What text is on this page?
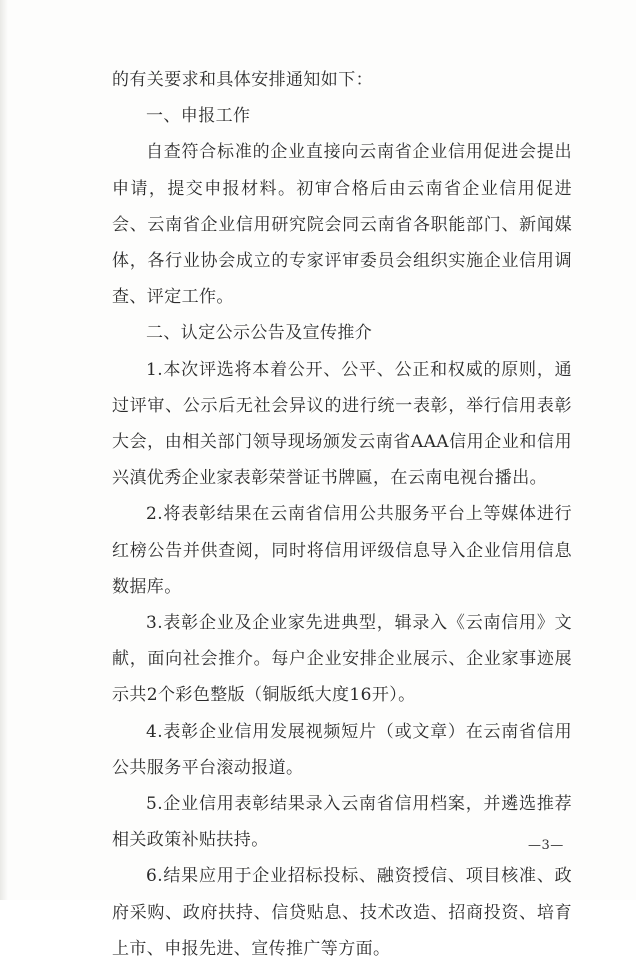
的有关要求和具体安排通知如下：

一、申报工作

自查符合标准的企业直接向云南省企业信用促进会提出申请，提交申报材料。初审合格后由云南省企业信用促进会、云南省企业信用研究院会同云南省各职能部门、新闻媒体，各行业协会成立的专家评审委员会组织实施企业信用调查、评定工作。

二、认定公示公告及宣传推介

1.本次评选将本着公开、公平、公正和权威的原则，通过评审、公示后无社会异议的进行统一表彰，举行信用表彰大会，由相关部门领导现场颁发云南省AAA信用企业和信用兴滇优秀企业家表彰荣誉证书牌匾，在云南电视台播出。

2.将表彰结果在云南省信用公共服务平台上等媒体进行红榜公告并供查阅，同时将信用评级信息导入企业信用信息数据库。

3.表彰企业及企业家先进典型，辑录入《云南信用》文献，面向社会推介。每户企业安排企业展示、企业家事迹展示共2个彩色整版（铜版纸大度16开）。

4.表彰企业信用发展视频短片（或文章）在云南省信用公共服务平台滚动报道。

5.企业信用表彰结果录入云南省信用档案，并遴选推荐相关政策补贴扶持。

6.结果应用于企业招标投标、融资授信、项目核准、政府采购、政府扶持、信贷贴息、技术改造、招商投资、培育上市、申报先进、宣传推广等方面。

—3—
